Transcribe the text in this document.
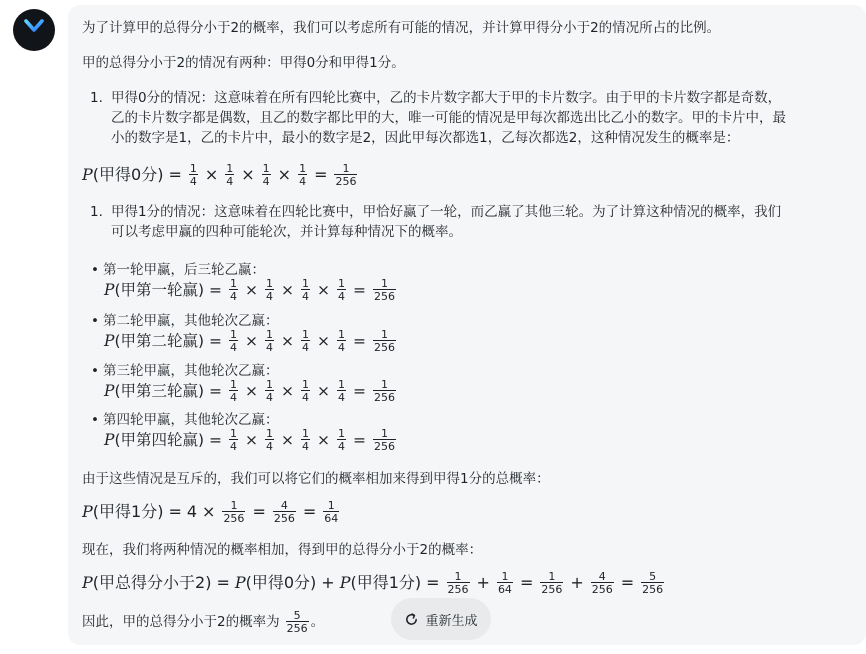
为了计算甲的总得分小于2的概率，我们可以考虑所有可能的情况，并计算甲得分小于2的情况所占的比例。
甲的总得分小于2的情况有两种：甲得0分和甲得1分。
1. 甲得0分的情况：这意味着在所有四轮比赛中，乙的卡片数字都大于甲的卡片数字。由于甲的卡片数字都是奇数，
乙的卡片数字都是偶数，且乙的数字都比甲的大，唯一可能的情况是甲每次都选出比乙小的数字。甲的卡片中，最
小的数字是1，乙的卡片中，最小的数字是2，因此甲每次都选1，乙每次都选2，这种情况发生的概率是：
P (甲得0分) = $\frac{1}{4} \times \frac{1}{4} \times \frac{1}{4} \times \frac{1}{4} = \frac{1}{256}$
1. 甲得1分的情况：这意味着在四轮比赛中，甲恰好赢了一轮，而乙赢了其他三轮。为了计算这种情况的概率，我们
可以考虑甲赢的四种可能轮次，并计算每种情况下的概率。
• 第一轮甲赢，后三轮乙赢：
P (甲第一轮赢) = $\frac{1}{4} \times \frac{1}{4} \times \frac{1}{4} \times \frac{1}{4} = \frac{1}{256}$
• 第二轮甲赢，其他轮次乙赢：
P (甲第二轮赢) = $\frac{1}{4} \times \frac{1}{4} \times \frac{1}{4} \times \frac{1}{4} = \frac{1}{256}$
• 第三轮甲赢，其他轮次乙赢：
P (甲第三轮赢) = $\frac{1}{4} \times \frac{1}{4} \times \frac{1}{4} \times \frac{1}{4} = \frac{1}{256}$
• 第四轮甲赢，其他轮次乙赢：
P (甲第四轮赢) = $\frac{1}{4} \times \frac{1}{4} \times \frac{1}{4} \times \frac{1}{4} = \frac{1}{256}$
由于这些情况是互斥的，我们可以将它们的概率相加来得到甲得1分的总概率：
P (甲得1分) = $4 \times \frac{1}{256} = \frac{4}{256} = \frac{1}{64}$
现在，我们将两种情况的概率相加，得到甲的总得分小于2的概率：
P (甲总得分小于2) = P (甲得0分) + P (甲得1分) = $\frac{1}{256} + \frac{1}{64} = \frac{1}{256} + \frac{4}{256} = \frac{5}{256}$
因此，甲的总得分小于2的概率为 $\frac{5}{256}$ 。	重新生成
